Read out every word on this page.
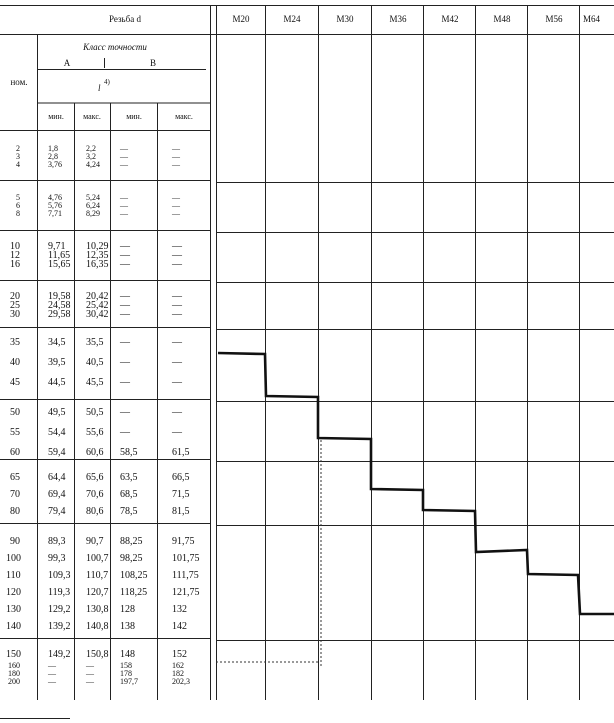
Резьба d
Класс точности
A	B
l
4)
ном.
мин.	макс.	мин.	макс.
M20	M24	M30	M36	M42	M48	M56	M64
2	1,8	2,2	—	—
3	2,8	3,2	—	—
4	3,76	4,24	—	—
5	4,76	5,24	—	—
6	5,76	6,24	—	—
8	7,71	8,29	—	—
10	9,71 10,29 —	—
12	11,65 12,35 —	—
16	15,65 16,35 —	—
20	19,58 20,42 —	—
25	24,58 25,42 —	—
30	29,58 30,42 —	—
35	34,5 35,5 —	—
40	39,5 40,5 —	—
45	44,5 45,5 —	—
50	49,5 50,5 —	—
55	54,4 55,6 —	—
60	59,4 60,6 58,5	61,5
65	64,4 65,6 63,5	66,5
70	69,4 70,6 68,5	71,5
80	79,4 80,6 78,5	81,5
90	89,3 90,7 88,25	91,75
100	99,3 100,7 98,25	101,75
110	109,3 110,7 108,25 111,75
120	119,3 120,7 118,25 121,75
130	129,2 130,8 128	132
140	139,2 140,8 138	142
150	149,2 150,8 148	152
160	—	—	158	162
180	—	—	178	182
200	—	—	197,7	202,3
